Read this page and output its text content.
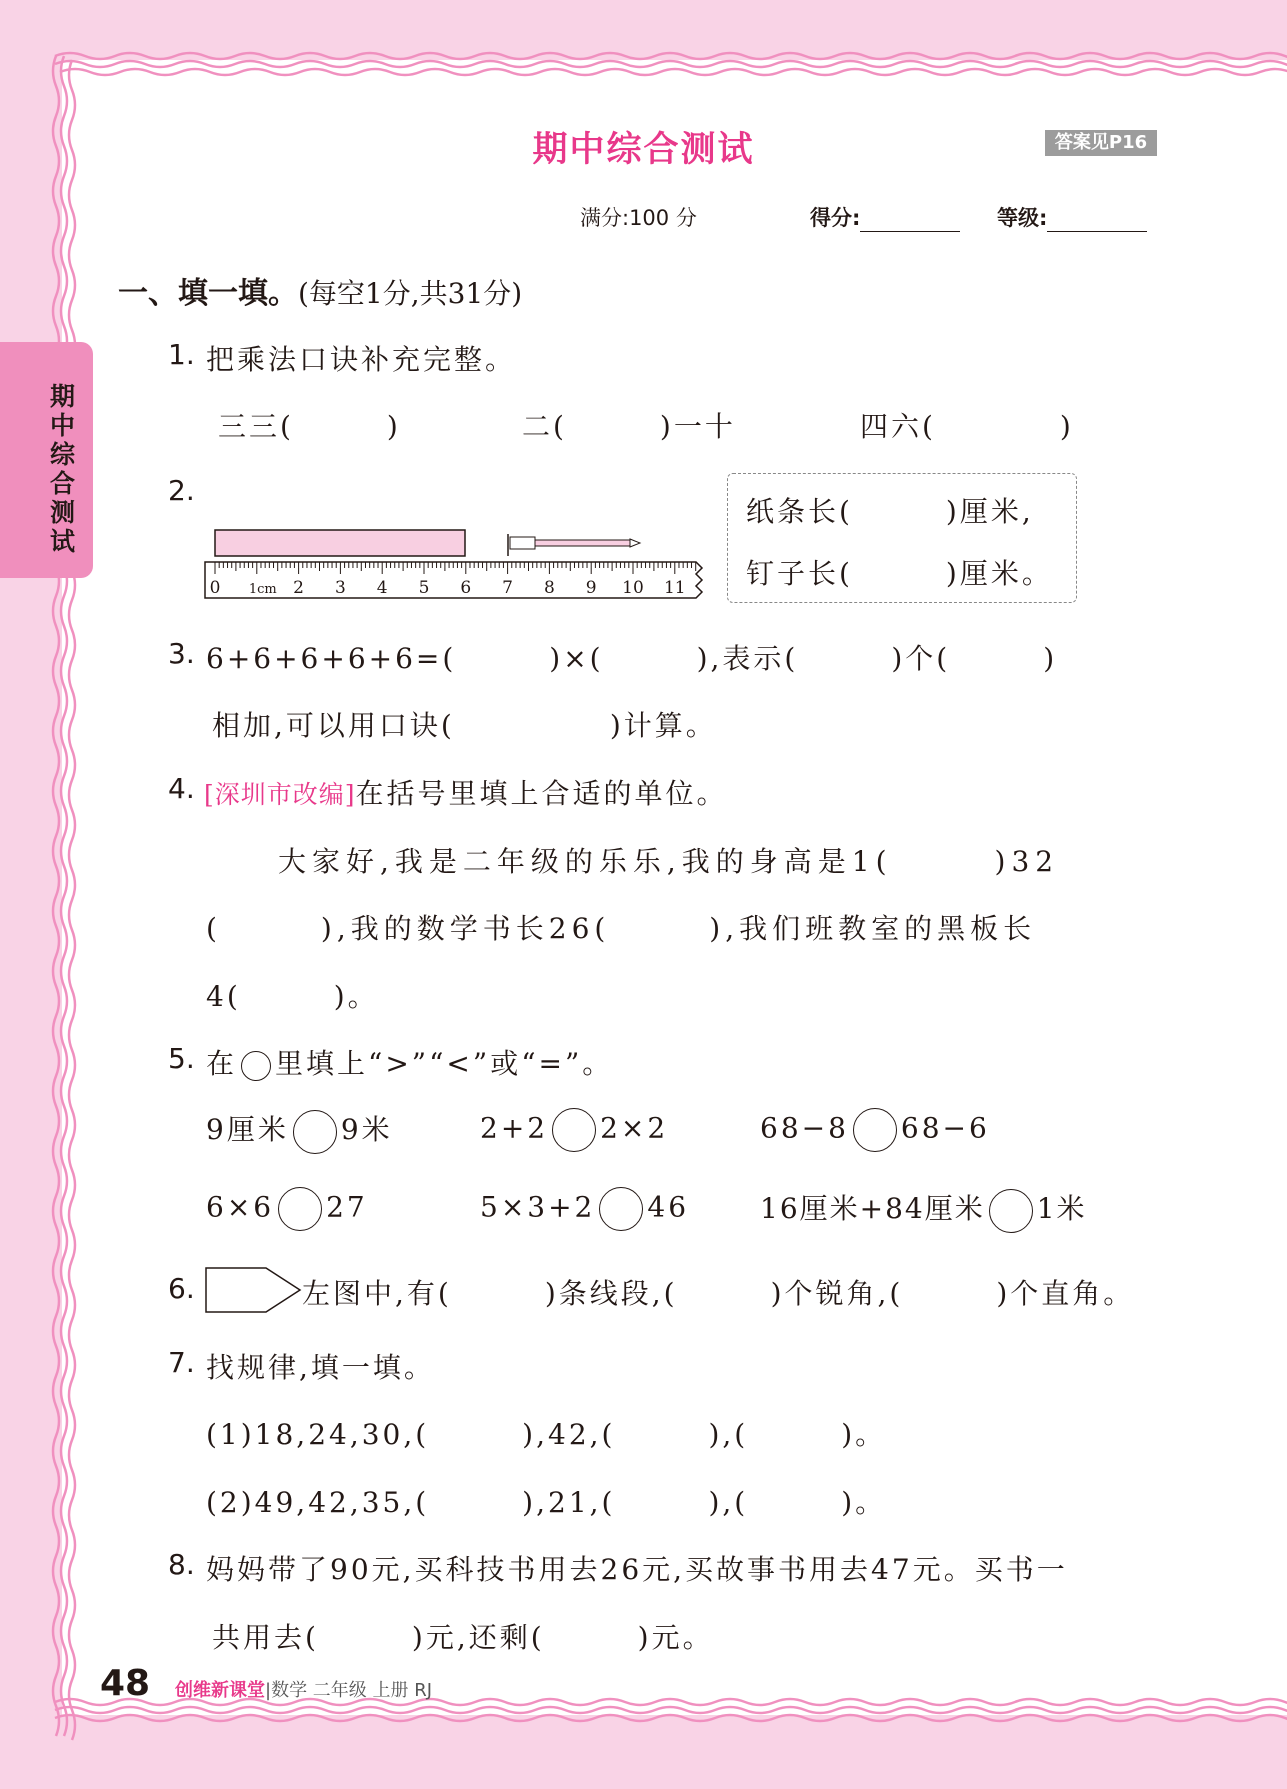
期中综合测试
期中综合测试	答案见P16
满分:100 分	得分:	等级:
一、填一填。(每空1分,共31分)
1. 把乘法口诀补充完整。
三三(　　　)	二(　　　)一十	四六(　　　　)
2.
0 1cm 2 3 4 5 6 7 8 9 10 11
纸条长(　　　)厘米,
钉子长(　　　)厘米。
3. 6+6+6+6+6=(　　　)×(　　　),表示(　　　)个(　　　)
相加,可以用口诀(　　　　　)计算。
4. [深圳市改编]在括号里填上合适的单位。
大家好,我是二年级的乐乐,我的身高是1(　　　)32
(　　　),我的数学书长26(　　　),我们班教室的黑板长
4(　　　)。
5. 在 里填上“>”“<”或“=”。
9厘米 9米	2+2 2×2	68−8 68−6
6×6 27	5×3+2 46	16厘米+84厘米 1米
6.	左图中,有(　　　)条线段,(　　　)个锐角,(　　　)个直角。
7. 找规律,填一填。
(1)18,24,30,(　　　),42,(　　　),(　　　)。
(2)49,42,35,(　　　),21,(　　　),(　　　)。
8. 妈妈带了90元,买科技书用去26元,买故事书用去47元。买书一
共用去(　　　)元,还剩(　　　)元。
48 创维新课堂|数学 二年级 上册 RJ
